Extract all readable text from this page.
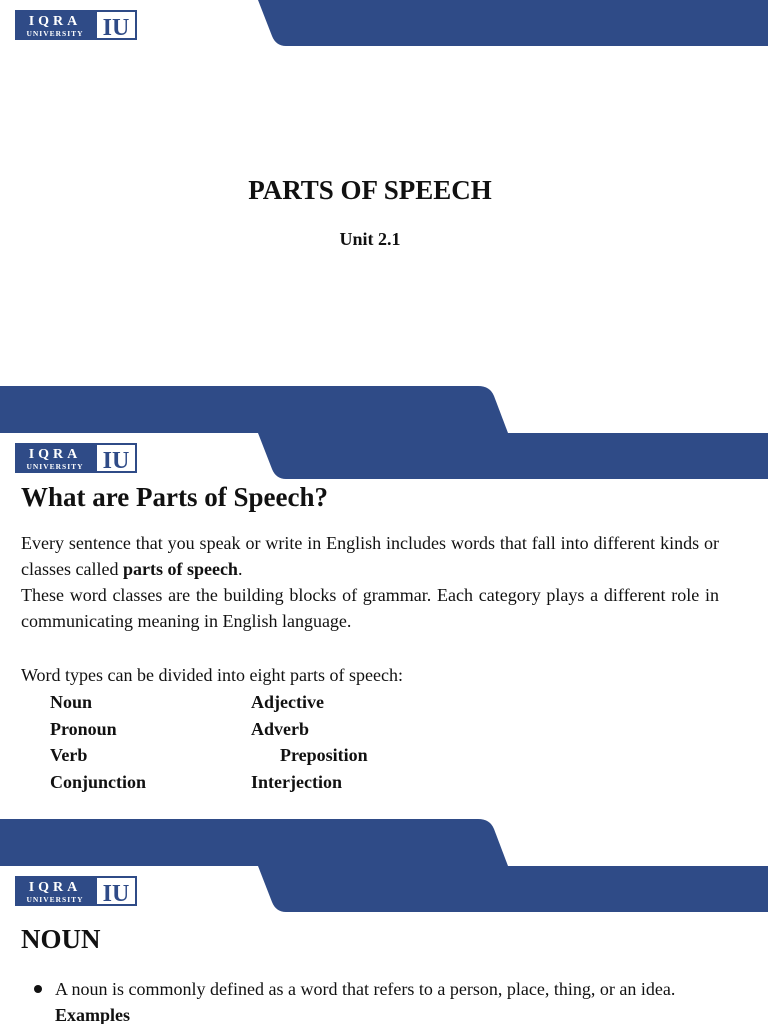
IQRA
UNIVERSITY IU
PARTS OF SPEECH
Unit 2.1
IQRA
UNIVERSITY IU
What are Parts of Speech?

Every sentence that you speak or write in English includes words that fall into different kinds or classes called parts of speech.

These word classes are the building blocks of grammar. Each category plays a different role in communicating meaning in English language.

Word types can be divided into eight parts of speech:
Noun
Pronoun
Verb
Conjunction
Adjective
Adverb
Preposition
Interjection
IQRA
UNIVERSITY IU
NOUN
A noun is commonly defined as a word that refers to a person, place, thing, or an idea.
Examples
